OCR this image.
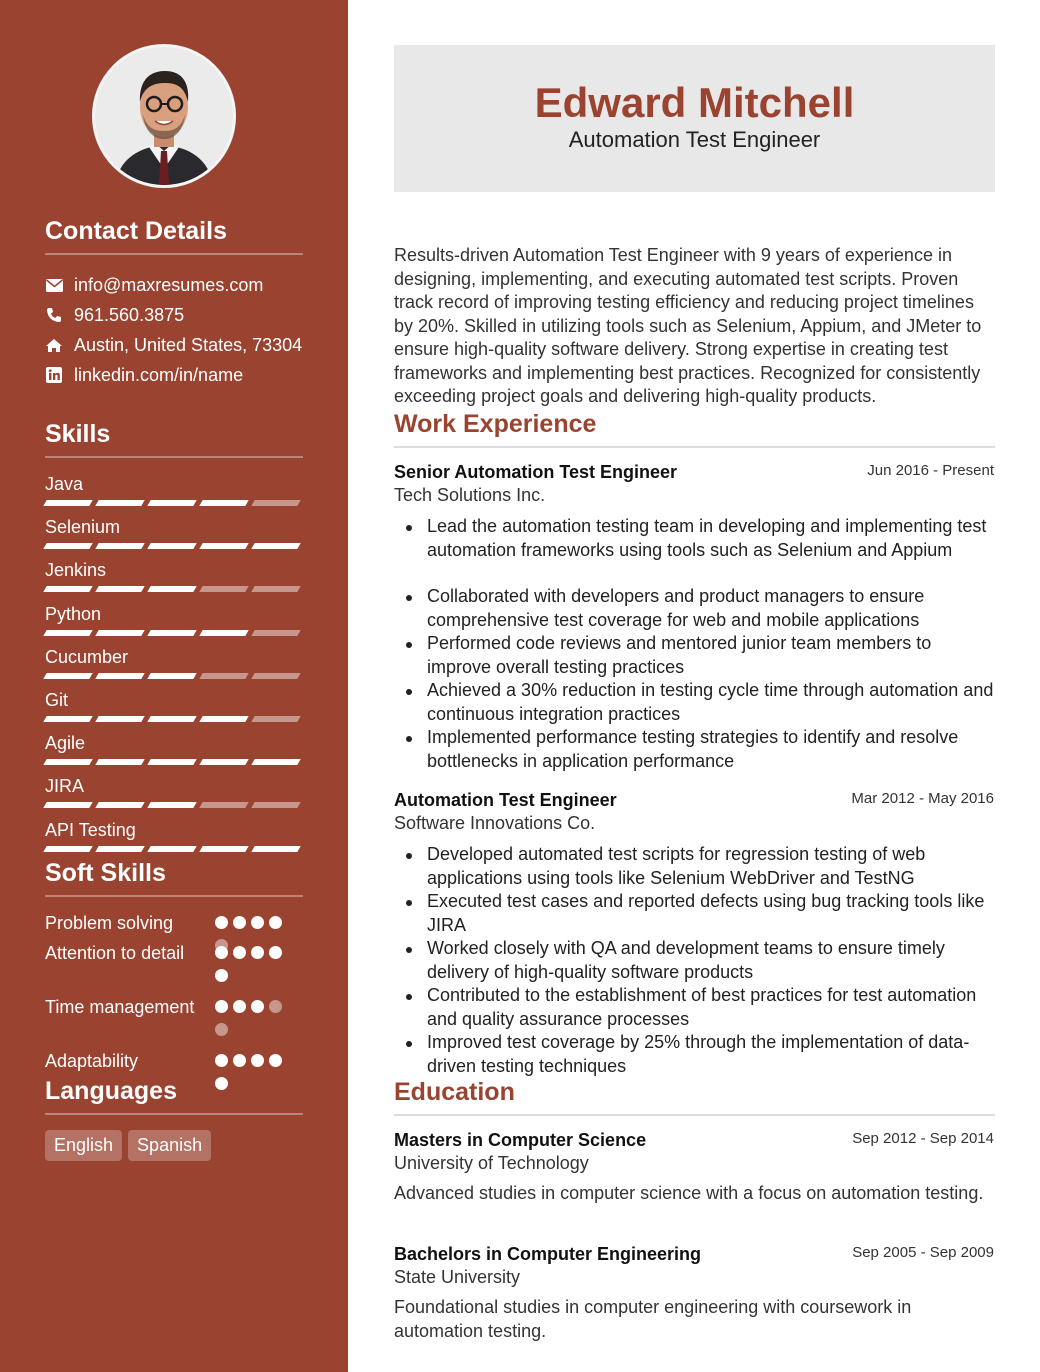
Contact Details
info@maxresumes.com
961.560.3875
Austin, United States, 73304
linkedin.com/in/name
Skills
Java
Selenium
Jenkins
Python
Cucumber
Git
Agile
JIRA
API Testing
Soft Skills
Problem solving
Attention to detail
Time management
Adaptability
Languages
English	Spanish
Edward Mitchell
Automation Test Engineer
Results-driven Automation Test Engineer with 9 years of experience in designing, implementing, and executing automated test scripts. Proven track record of improving testing efficiency and reducing project timelines by 20%. Skilled in utilizing tools such as Selenium, Appium, and JMeter to ensure high-quality software delivery. Strong expertise in creating test frameworks and implementing best practices. Recognized for consistently exceeding project goals and delivering high-quality products.
Work Experience
Senior Automation Test Engineer	Jun 2016 - Present
Tech Solutions Inc.
Lead the automation testing team in developing and implementing test automation frameworks using tools such as Selenium and Appium
Collaborated with developers and product managers to ensure comprehensive test coverage for web and mobile applications
Performed code reviews and mentored junior team members to improve overall testing practices
Achieved a 30% reduction in testing cycle time through automation and continuous integration practices
Implemented performance testing strategies to identify and resolve bottlenecks in application performance
Automation Test Engineer	Mar 2012 - May 2016
Software Innovations Co.
Developed automated test scripts for regression testing of web applications using tools like Selenium WebDriver and TestNG
Executed test cases and reported defects using bug tracking tools like JIRA
Worked closely with QA and development teams to ensure timely delivery of high-quality software products
Contributed to the establishment of best practices for test automation and quality assurance processes
Improved test coverage by 25% through the implementation of data-driven testing techniques
Education
Masters in Computer Science	Sep 2012 - Sep 2014
University of Technology
Advanced studies in computer science with a focus on automation testing.
Bachelors in Computer Engineering	Sep 2005 - Sep 2009
State University
Foundational studies in computer engineering with coursework in automation testing.
